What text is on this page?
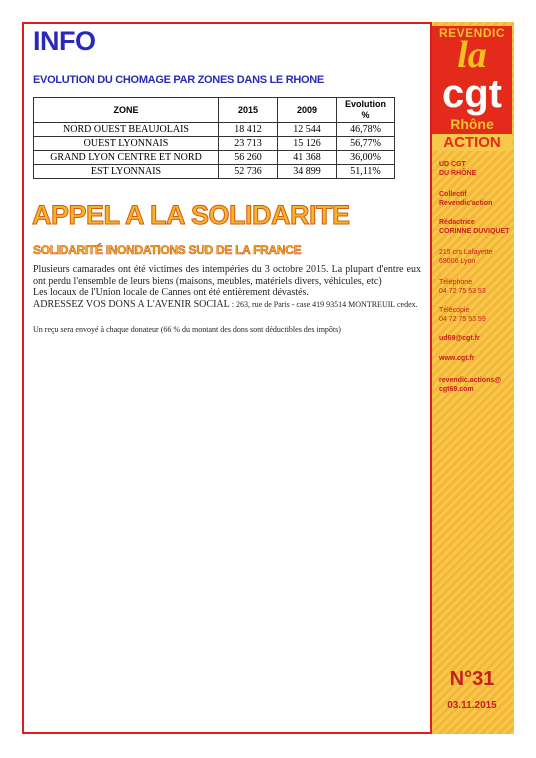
REVENDIC
la
cgt
Rhône
ACTION
UD CGT
DU RHÔNE
Collectif
Revendic'action
Rédactrice
CORINNE DUVIQUET
215 crs Lafayette
69006 Lyon
Téléphone
04 72 75 53 53
Télécopie
04 72 75 53 59
ud69@cgt.fr
www.cgt.fr
revendic.actions@
cgt69.com
N°31
03.11.2015
INFO
EVOLUTION DU CHOMAGE PAR ZONES DANS LE RHONE
ZONE	2015	2009	Evolution %
NORD OUEST BEAUJOLAIS	18 412	12 544	46,78%
OUEST LYONNAIS	23 713	15 126	56,77%
GRAND LYON CENTRE ET NORD	56 260	41 368	36,00%
EST LYONNAIS	52 736	34 899	51,11%
APPEL A LA SOLIDARITE
SOLIDARITÉ INONDATIONS SUD DE LA FRANCE
Plusieurs camarades ont été victimes des intempéries du 3 octobre 2015. La plupart d'entre eux ont perdu l'ensemble de leurs biens (maisons, meubles, matériels divers, véhicules, etc)
Les locaux de l'Union locale de Cannes ont été entièrement dévastés.
ADRESSEZ VOS DONS A L'AVENIR SOCIAL : 263, rue de Paris - case 419 93514 MONTREUIL cedex.
Un reçu sera envoyé à chaque donateur (66 % du montant des dons sont déductibles des impôts)
